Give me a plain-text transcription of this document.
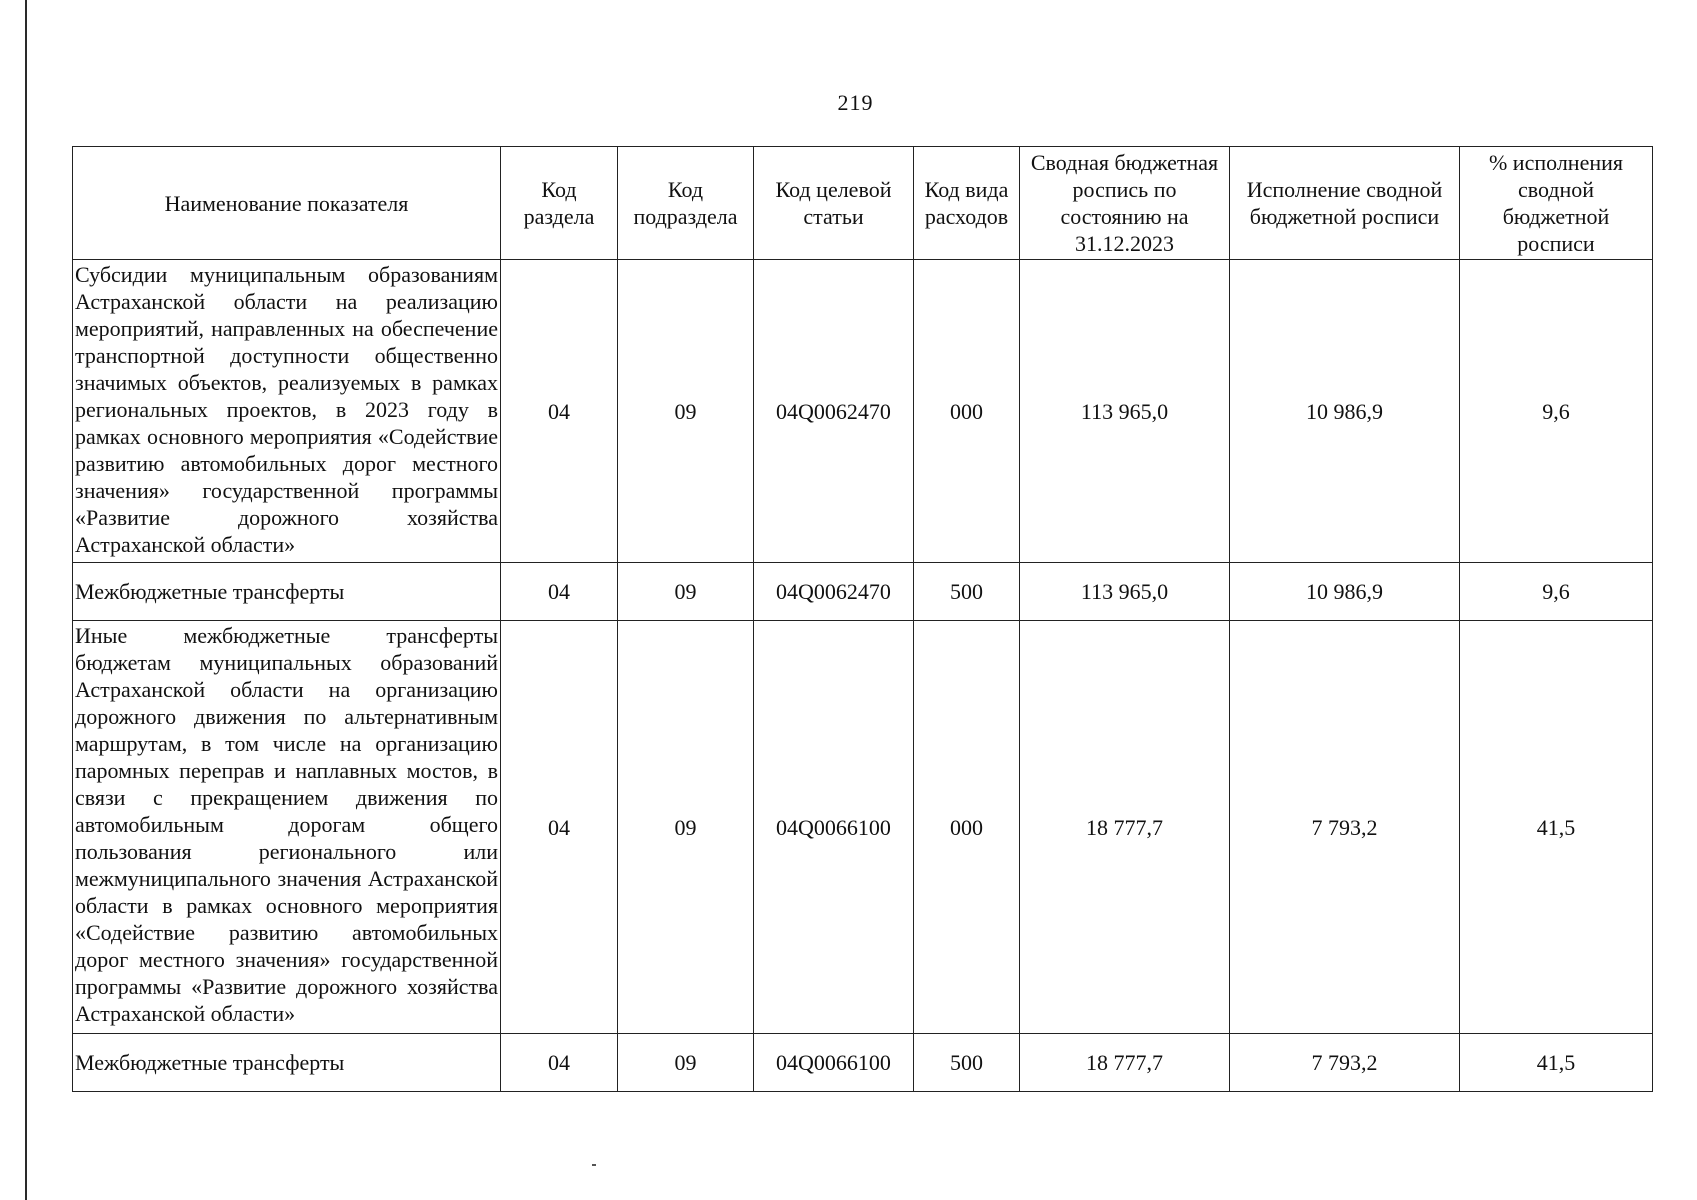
219
Наименование показателя	Код раздела	Код подраздела	Код целевой статьи	Код вида расходов	Сводная бюджетная роспись по состоянию на 31.12.2023	Исполнение сводной бюджетной росписи	% исполнения сводной бюджетной росписи
Субсидии муниципальным образованиям Астраханской области на реализацию мероприятий, направленных на обеспечение транспортной доступности общественно значимых объектов, реализуемых в рамках региональных проектов, в 2023 году в рамках основного мероприятия «Содействие развитию автомобильных дорог местного значения» государственной программы «Развитие дорожного хозяйства Астраханской области»	04	09	04Q0062470	000	113 965,0	10 986,9	9,6
Межбюджетные трансферты	04	09	04Q0062470	500	113 965,0	10 986,9	9,6
Иные межбюджетные трансферты бюджетам муниципальных образований Астраханской области на организацию дорожного движения по альтернативным маршрутам, в том числе на организацию паромных переправ и наплавных мостов, в связи с прекращением движения по автомобильным дорогам общего пользования регионального или межмуниципального значения Астраханской области в рамках основного мероприятия «Содействие развитию автомобильных дорог местного значения» государственной программы «Развитие дорожного хозяйства Астраханской области»	04	09	04Q0066100	000	18 777,7	7 793,2	41,5
Межбюджетные трансферты	04	09	04Q0066100	500	18 777,7	7 793,2	41,5
